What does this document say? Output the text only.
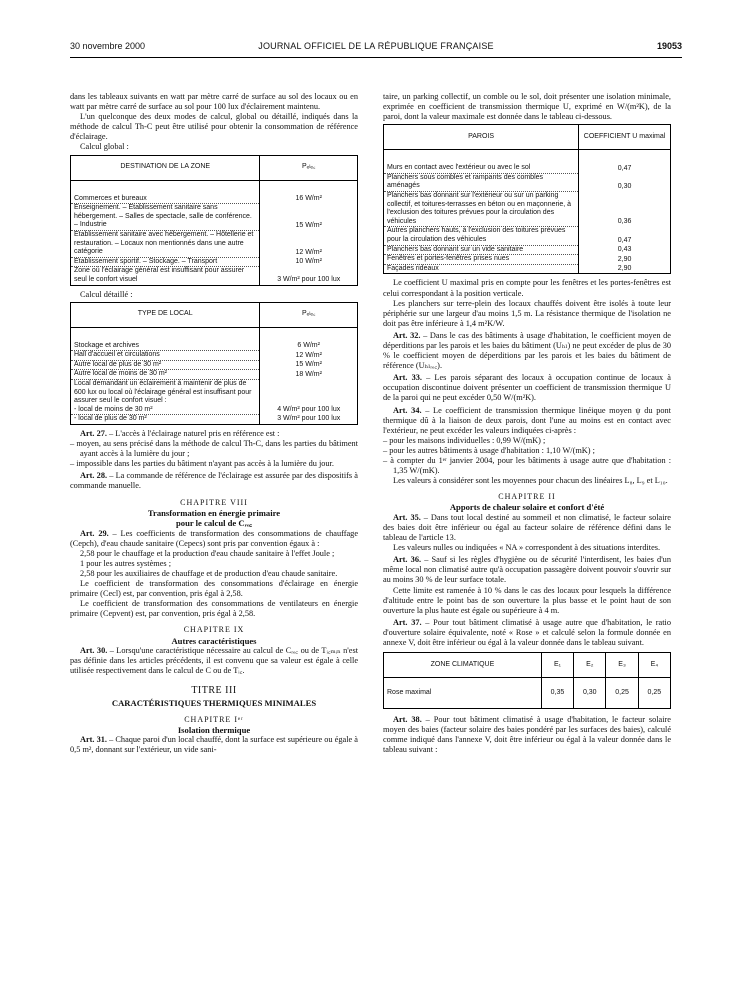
30 novembre 2000	JOURNAL OFFICIEL DE LA RÉPUBLIQUE FRANÇAISE	19053

dans les tableaux suivants en watt par mètre carré de surface au sol des locaux ou en watt par mètre carré de surface au sol pour 100 lux d'éclairement maintenu.

L'un quelconque des deux modes de calcul, global ou détaillé, indiqués dans la méthode de calcul Th-C peut être utilisé pour obtenir la consommation de référence d'éclairage.

Calcul global :

DESTINATION DE LA ZONE	Pₑₗₑ꜀

Commerces et bureaux	16 W/m²
Enseignement. – Etablissement sanitaire sans hébergement. – Salles de spectacle, salle de conférence. – Industrie	15 W/m²
Etablissement sanitaire avec hébergement. – Hôtellerie et restauration. – Locaux non mentionnés dans une autre catégorie	12 W/m²
Etablissement sportif. – Stockage. – Transport	10 W/m²
Zone où l'éclairage général est insuffisant pour assurer seul le confort visuel	3 W/m² pour 100 lux

Calcul détaillé :

TYPE DE LOCAL	Pₑₗₑ꜀

Stockage et archives	6 W/m²
Hall d'accueil et circulations	12 W/m²
Autre local de plus de 30 m²	15 W/m²
Autre local de moins de 30 m²	18 W/m²
Local demandant un éclairement à maintenir de plus de 600 lux ou local où l'éclairage général est insuffisant pour assurer seul le confort visuel :	
- local de moins de 30 m²	4 W/m² pour 100 lux
- local de plus de 30 m²	3 W/m² pour 100 lux

Art. 27. – L'accès à l'éclairage naturel pris en référence est :

– moyen, au sens précisé dans la méthode de calcul Th-C, dans les parties du bâtiment ayant accès à la lumière du jour ;

– impossible dans les parties du bâtiment n'ayant pas accès à la lumière du jour.

Art. 28. – La commande de référence de l'éclairage est assurée par des dispositifs à commande manuelle.

CHAPITRE VIII
Transformation en énergie primaire
pour le calcul de Cᵣₑ꜀

Art. 29. – Les coefficients de transformation des consommations de chauffage (Cepch), d'eau chaude sanitaire (Cepecs) sont pris par convention égaux à :

2,58 pour le chauffage et la production d'eau chaude sanitaire à l'effet Joule ;

1 pour les autres systèmes ;

2,58 pour les auxiliaires de chauffage et de production d'eau chaude sanitaire.

Le coefficient de transformation des consommations d'éclairage en énergie primaire (Cecl) est, par convention, pris égal à 2,58.

Le coefficient de transformation des consommations de ventilateurs en énergie primaire (Cepvent) est, par convention, pris égal à 2,58.

CHAPITRE IX
Autres caractéristiques

Art. 30. – Lorsqu'une caractéristique nécessaire au calcul de Cᵣₑ꜀ ou de Tᵢ꜀ₘᵢₙ n'est pas définie dans les articles précédents, il est convenu que sa valeur est égale à celle utilisée respectivement dans le calcul de C ou de Tᵢ꜀.

TITRE III
CARACTÉRISTIQUES THERMIQUES MINIMALES
CHAPITRE Iᵉʳ
Isolation thermique

Art. 31. – Chaque paroi d'un local chauffé, dont la surface est supérieure ou égale à 0,5 m², donnant sur l'extérieur, un vide sani-

taire, un parking collectif, un comble ou le sol, doit présenter une isolation minimale, exprimée en coefficient de transmission thermique U, exprimé en W/(m²K), de la paroi, dont la valeur maximale est donnée dans le tableau ci-dessous.

PAROIS	COEFFICIENT U maximal

Murs en contact avec l'extérieur ou avec le sol	0,47
Planchers sous combles et rampants des combles aménagés	0,30
Planchers bas donnant sur l'extérieur ou sur un parking collectif, et toitures-terrasses en béton ou en maçonnerie, à l'exclusion des toitures prévues pour la circulation des véhicules	0,36
Autres planchers hauts, à l'exclusion des toitures prévues pour la circulation des véhicules	0,47
Planchers bas donnant sur un vide sanitaire	0,43
Fenêtres et portes-fenêtres prises nues	2,90
Façades rideaux	2,90

Le coefficient U maximal pris en compte pour les fenêtres et les portes-fenêtres est celui correspondant à la position verticale.

Les planchers sur terre-plein des locaux chauffés doivent être isolés à toute leur périphérie sur une largeur d'au moins 1,5 m. La résistance thermique de l'isolation ne doit pas être inférieure à 1,4 m²K/W.

Art. 32. – Dans le cas des bâtiments à usage d'habitation, le coefficient moyen de déperditions par les parois et les baies du bâtiment (Uₕₗ) ne peut excéder de plus de 30 % le coefficient moyen de déperditions par les parois et les baies du bâtiment de référence (Uₕₗᵣₑ꜀).

Art. 33. – Les parois séparant des locaux à occupation continue de locaux à occupation discontinue doivent présenter un coefficient de transmission thermique U de la paroi qui ne peut excéder 0,50 W/(m²K).

Art. 34. – Le coefficient de transmission thermique linéique moyen ψ du pont thermique dû à la liaison de deux parois, dont l'une au moins est en contact avec l'extérieur, ne peut excéder les valeurs indiquées ci-après :

– pour les maisons individuelles : 0,99 W/(mK) ;

– pour les autres bâtiments à usage d'habitation : 1,10 W/(mK) ;

– à compter du 1ᵉʳ janvier 2004, pour les bâtiments à usage autre que d'habitation : 1,35 W/(mK).

Les valeurs à considérer sont les moyennes pour chacun des linéaires L₈, L₉ et L₁₀.

CHAPITRE II
Apports de chaleur solaire et confort d'été

Art. 35. – Dans tout local destiné au sommeil et non climatisé, le facteur solaire des baies doit être inférieur ou égal au facteur solaire de référence défini dans le tableau de l'article 13.

Les valeurs nulles ou indiquées « NA » correspondent à des situations interdites.

Art. 36. – Sauf si les règles d'hygiène ou de sécurité l'interdisent, les baies d'un même local non climatisé autre qu'à occupation passagère doivent pouvoir s'ouvrir sur au moins 30 % de leur surface totale.

Cette limite est ramenée à 10 % dans le cas des locaux pour lesquels la différence d'altitude entre le point bas de son ouverture la plus basse et le point haut de son ouverture la plus haute est égale ou supérieure à 4 m.

Art. 37. – Pour tout bâtiment climatisé à usage autre que d'habitation, le ratio d'ouverture solaire équivalente, noté « Rose » et calculé selon la formule donnée en annexe V, doit être inférieur ou égal à la valeur donnée dans le tableau suivant.

ZONE CLIMATIQUE	E₁	E₂	E₃	E₄
Rose maximal	0,35	0,30	0,25	0,25

Art. 38. – Pour tout bâtiment climatisé à usage d'habitation, le facteur solaire moyen des baies (facteur solaire des baies pondéré par les surfaces des baies), calculé comme indiqué dans l'annexe V, doit être inférieur ou égal à la valeur donnée dans le tableau suivant :
